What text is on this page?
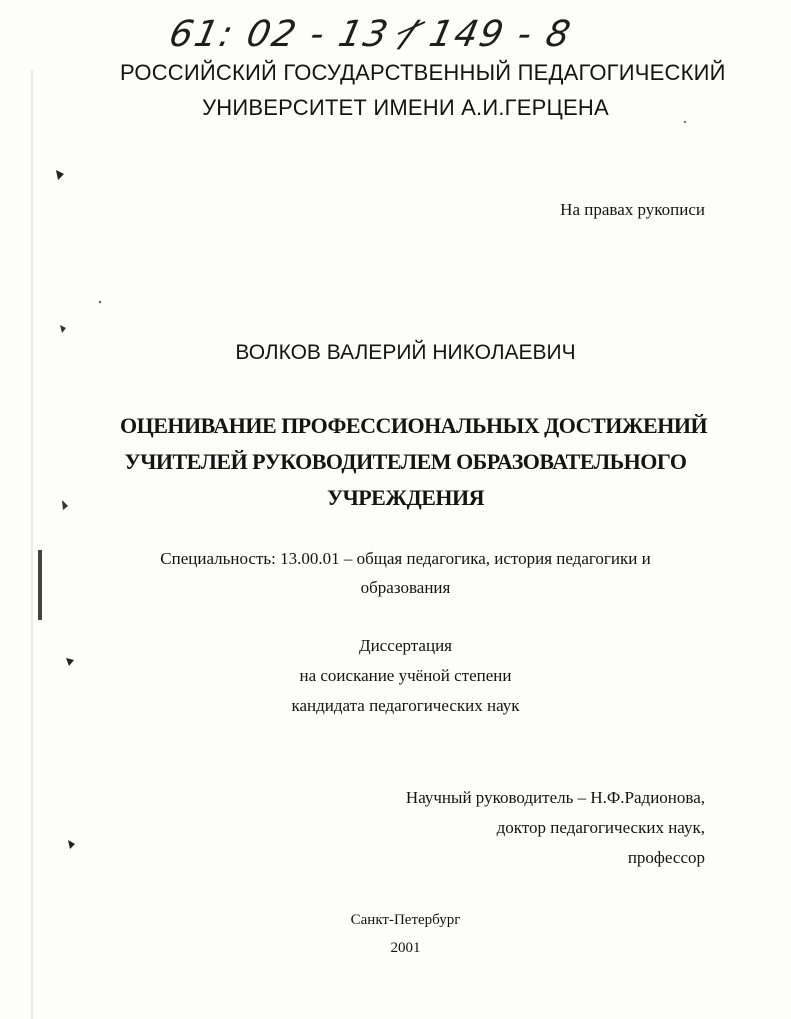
61: 02 - 13 / 149 - 8
РОССИЙСКИЙ ГОСУДАРСТВЕННЫЙ ПЕДАГОГИЧЕСКИЙ
УНИВЕРСИТЕТ ИМЕНИ А.И.ГЕРЦЕНА
На правах рукописи
ВОЛКОВ ВАЛЕРИЙ НИКОЛАЕВИЧ
ОЦЕНИВАНИЕ ПРОФЕССИОНАЛЬНЫХ ДОСТИЖЕНИЙ
УЧИТЕЛЕЙ РУКОВОДИТЕЛЕМ ОБРАЗОВАТЕЛЬНОГО
УЧРЕЖДЕНИЯ
Специальность: 13.00.01 – общая педагогика, история педагогики и
образования
Диссертация
на соискание учёной степени
кандидата педагогических наук
Научный руководитель – Н.Ф.Радионова,
доктор педагогических наук,
профессор
Санкт-Петербург
2001
